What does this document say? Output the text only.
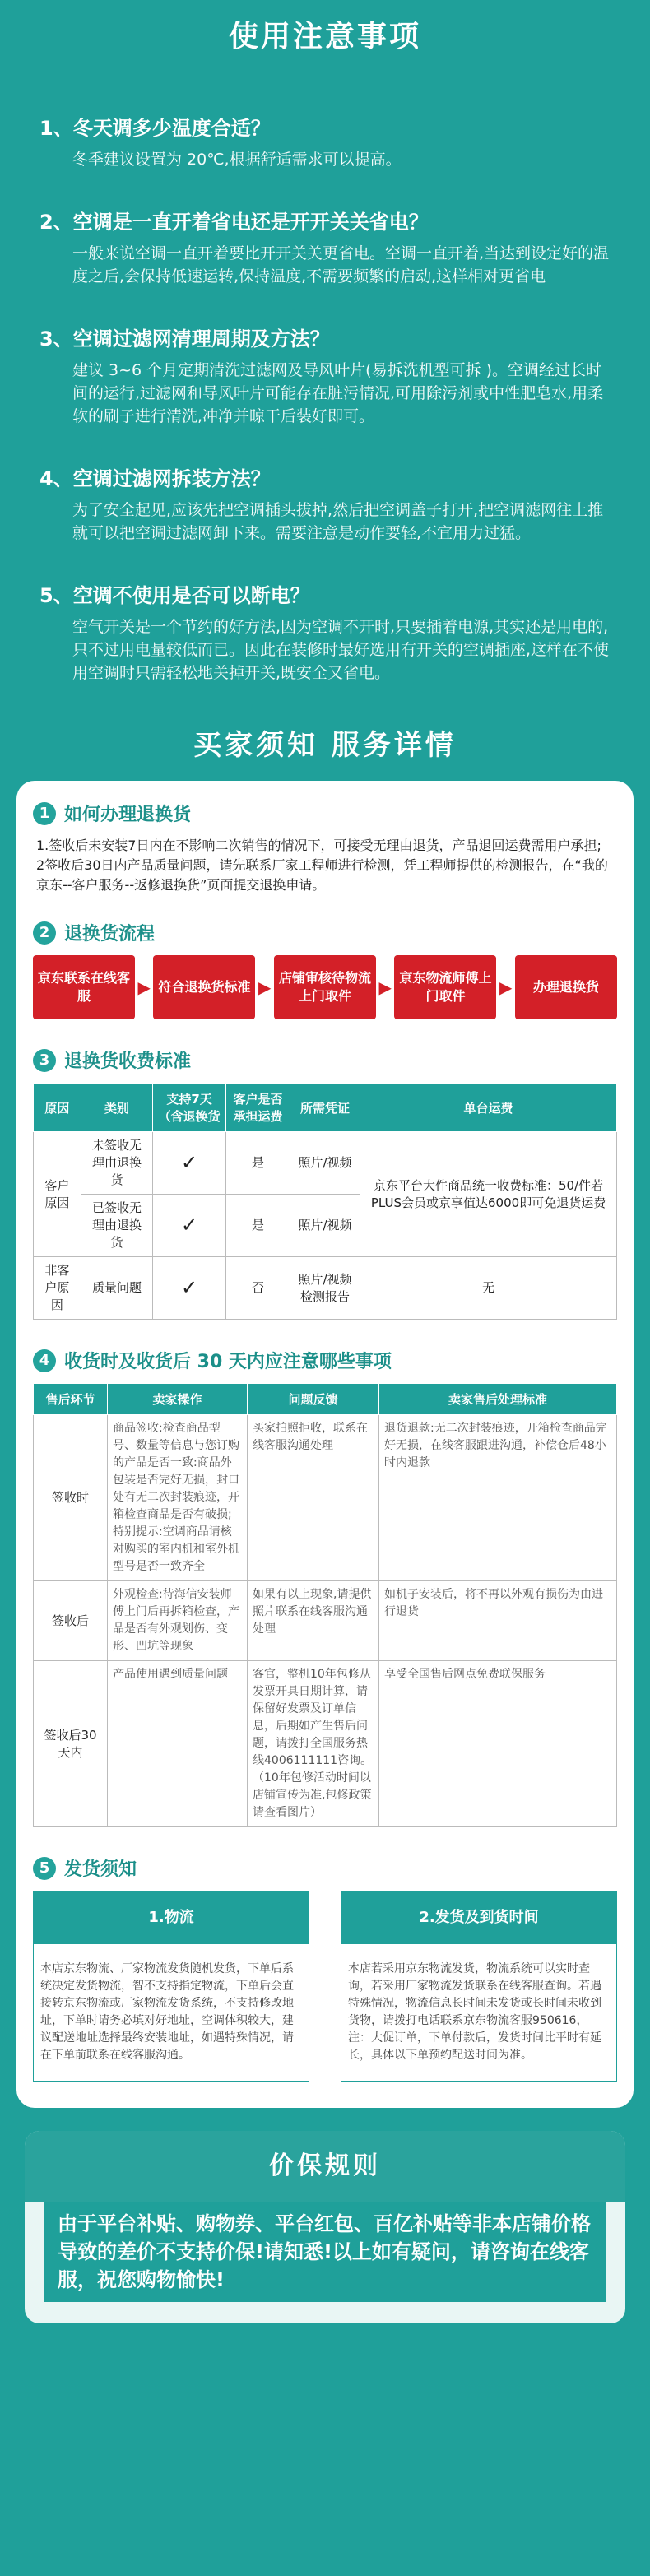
使用注意事项
1、冬天调多少温度合适？

冬季建议设置为 20℃,根据舒适需求可以提高。

2、空调是一直开着省电还是开开关关省电？

一般来说空调一直开着要比开开关关更省电。空调一直开着,当达到设定好的温度之后,会保持低速运转,保持温度,不需要频繁的启动,这样相对更省电

3、空调过滤网清理周期及方法？

建议 3~6 个月定期清洗过滤网及导风叶片(易拆洗机型可拆 )。空调经过长时间的运行,过滤网和导风叶片可能存在脏污情况,可用除污剂或中性肥皂水,用柔软的刷子进行清洗,冲净并晾干后装好即可。

4、空调过滤网拆装方法？

为了安全起见,应该先把空调插头拔掉,然后把空调盖子打开,把空调滤网往上推就可以把空调过滤网卸下来。需要注意是动作要轻,不宜用力过猛。

5、空调不使用是否可以断电？

空气开关是一个节约的好方法,因为空调不开时,只要插着电源,其实还是用电的,只不过用电量较低而已。因此在装修时最好选用有开关的空调插座,这样在不使用空调时只需轻松地关掉开关,既安全又省电。

买家须知 服务详情
1 如何办理退换货
1.签收后未安装7日内在不影响二次销售的情况下，可接受无理由退货，产品退回运费需用户承担;
2签收后30日内产品质量问题，请先联系厂家工程师进行检测，凭工程师提供的检测报告，在“我的京东--客户服务--返修退换货”页面提交退换申请。
2 退换货流程
京东联系在线客服	▶ 符合退换货标准 ▶ 店铺审核待物流上门取件	▶ 京东物流师傅上门取件	▶	办理退换货
3 退换货收费标准
原因	类别	支持7天（含退换货	客户是否承担运费	所需凭证	单台运费
客户原因	未签收无理由退换货	✓	是	照片/视频	京东平台大件商品统一收费标准：50/件若PLUS会员或京享值达6000即可免退货运费
	已签收无理由退换货	✓	是	照片/视频	
非客户原因	质量问题	✓	否	照片/视频检测报告	无
4 收货时及收货后 30 天内应注意哪些事项
售后环节	卖家操作	问题反馈	卖家售后处理标准
签收时	商品签收:检查商品型号、数量等信息与您订购的产品是否一致:商品外包装是否完好无损，封口处有无二次封装痕迹，开箱检查商品是否有破损;
特别提示:空调商品请核对购买的室内机和室外机型号是否一致齐全	买家拍照拒收，联系在线客服沟通处理	退货退款:无二次封装痕迹，开箱检查商品完好无损，在线客服跟进沟通，补偿仓后48小时内退款
签收后	外观检查:待海信安装师傅上门后再拆箱检查，产品是否有外观划伤、变形、凹坑等现象	如果有以上现象,请提供照片联系在线客服沟通处理	如机子安装后，将不再以外观有损伤为由进行退货
签收后30天内	产品使用遇到质量问题	客官，整机10年包修从发票开具日期计算，请保留好发票及订单信息，后期如产生售后问题，请拨打全国服务热线4006111111咨询。（10年包修活动时间以店铺宣传为准,包修政策请查看图片）	享受全国售后网点免费联保服务
5 发货须知
1.物流
本店京东物流、厂家物流发货随机发货，下单后系统决定发货物流，智不支持指定物流，下单后会直接转京东物流或厂家物流发货系统，不支持修改地址，下单时请务必填对好地址，空调体积较大，建议配送地址选择最终安装地址，如遇特殊情况，请在下单前联系在线客服沟通。
2.发货及到货时间
本店若采用京东物流发货，物流系统可以实时查询，若采用厂家物流发货联系在线客服查询。若遇特殊情况，物流信息长时间未发货或长时间未收到货物，请拨打电话联系京东物流客服950616，注：大促订单，下单付款后，发货时间比平时有延长，具体以下单预约配送时间为准。
价保规则
由于平台补贴、购物券、平台红包、百亿补贴等非本店铺价格导致的差价不支持价保!请知悉!以上如有疑问，请咨询在线客服，祝您购物愉快!
